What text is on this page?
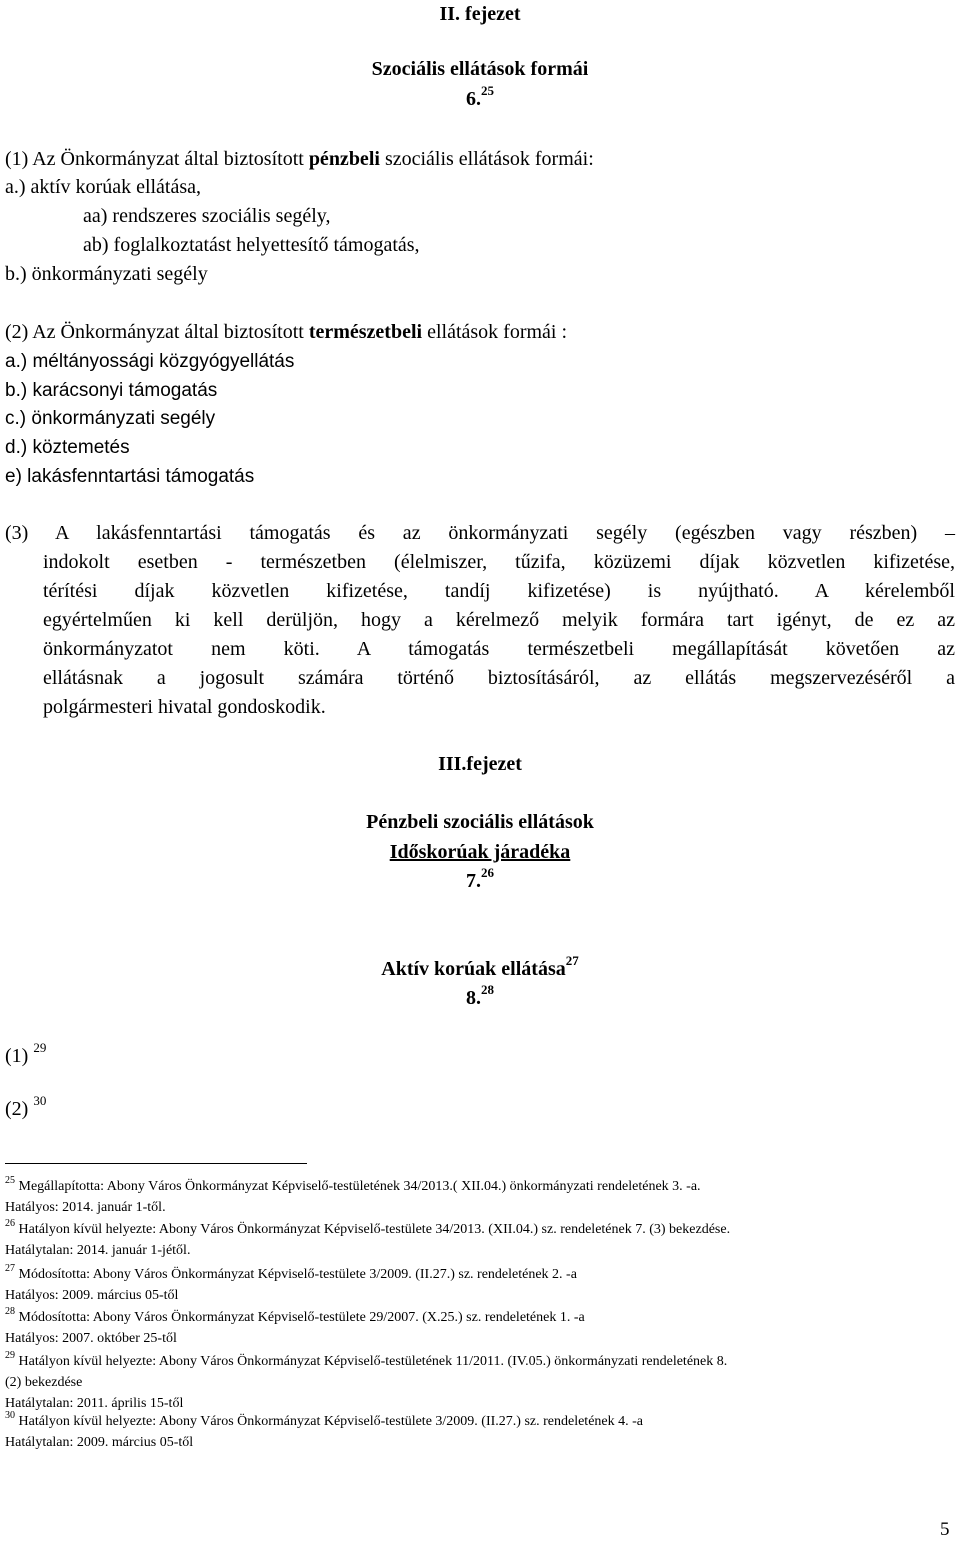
II. fejezet
Szociális ellátások formái
6.25
(1) Az Önkormányzat által biztosított pénzbeli szociális ellátások formái:
a.) aktív korúak ellátása,
aa) rendszeres szociális segély,
ab) foglalkoztatást helyettesítő támogatás,
b.) önkormányzati segély
(2) Az Önkormányzat által biztosított természetbeli ellátások formái :
a.) méltányossági közgyógyellátás
b.) karácsonyi támogatás
c.) önkormányzati segély
d.) köztemetés
e) lakásfenntartási támogatás
(3) A lakásfenntartási támogatás és az önkormányzati segély (egészben vagy részben) –
indokolt esetben - természetben (élelmiszer, tűzifa, közüzemi díjak közvetlen kifizetése,
térítési díjak közvetlen kifizetése, tandíj kifizetése) is nyújtható. A kérelemből
egyértelműen ki kell derüljön, hogy a kérelmező melyik formára tart igényt, de ez az
önkormányzatot nem köti. A támogatás természetbeli megállapítását követően az
ellátásnak a jogosult számára történő biztosításáról, az ellátás megszervezéséről a
polgármesteri hivatal gondoskodik.
III.fejezet
Pénzbeli szociális ellátások
Időskorúak járadéka
7.26
Aktív korúak ellátása$^{27}$
8.28
(1) $^{29}$
(2) $^{30}$
$^{25}$ Megállapította: Abony Város Önkormányzat Képviselő-testületének 34/2013.( XII.04.) önkormányzati rendeletének 3. -a.
Hatályos: 2014. január 1-től.
$^{26}$ Hatályon kívül helyezte: Abony Város Önkormányzat Képviselő-testülete 34/2013. (XII.04.) sz. rendeletének 7. (3) bekezdése.
Hatálytalan: 2014. január 1-jétől.
$^{27}$ Módosította: Abony Város Önkormányzat Képviselő-testülete 3/2009. (II.27.) sz. rendeletének 2. -a
Hatályos: 2009. március 05-től
$^{28}$ Módosította: Abony Város Önkormányzat Képviselő-testülete 29/2007. (X.25.) sz. rendeletének 1. -a
Hatályos: 2007. október 25-től
$^{29}$ Hatályon kívül helyezte: Abony Város Önkormányzat Képviselő-testületének 11/2011. (IV.05.) önkormányzati rendeletének 8.
(2) bekezdése
Hatálytalan: 2011. április 15-től
$^{30}$ Hatályon kívül helyezte: Abony Város Önkormányzat Képviselő-testülete 3/2009. (II.27.) sz. rendeletének 4. -a
Hatálytalan: 2009. március 05-től
5
